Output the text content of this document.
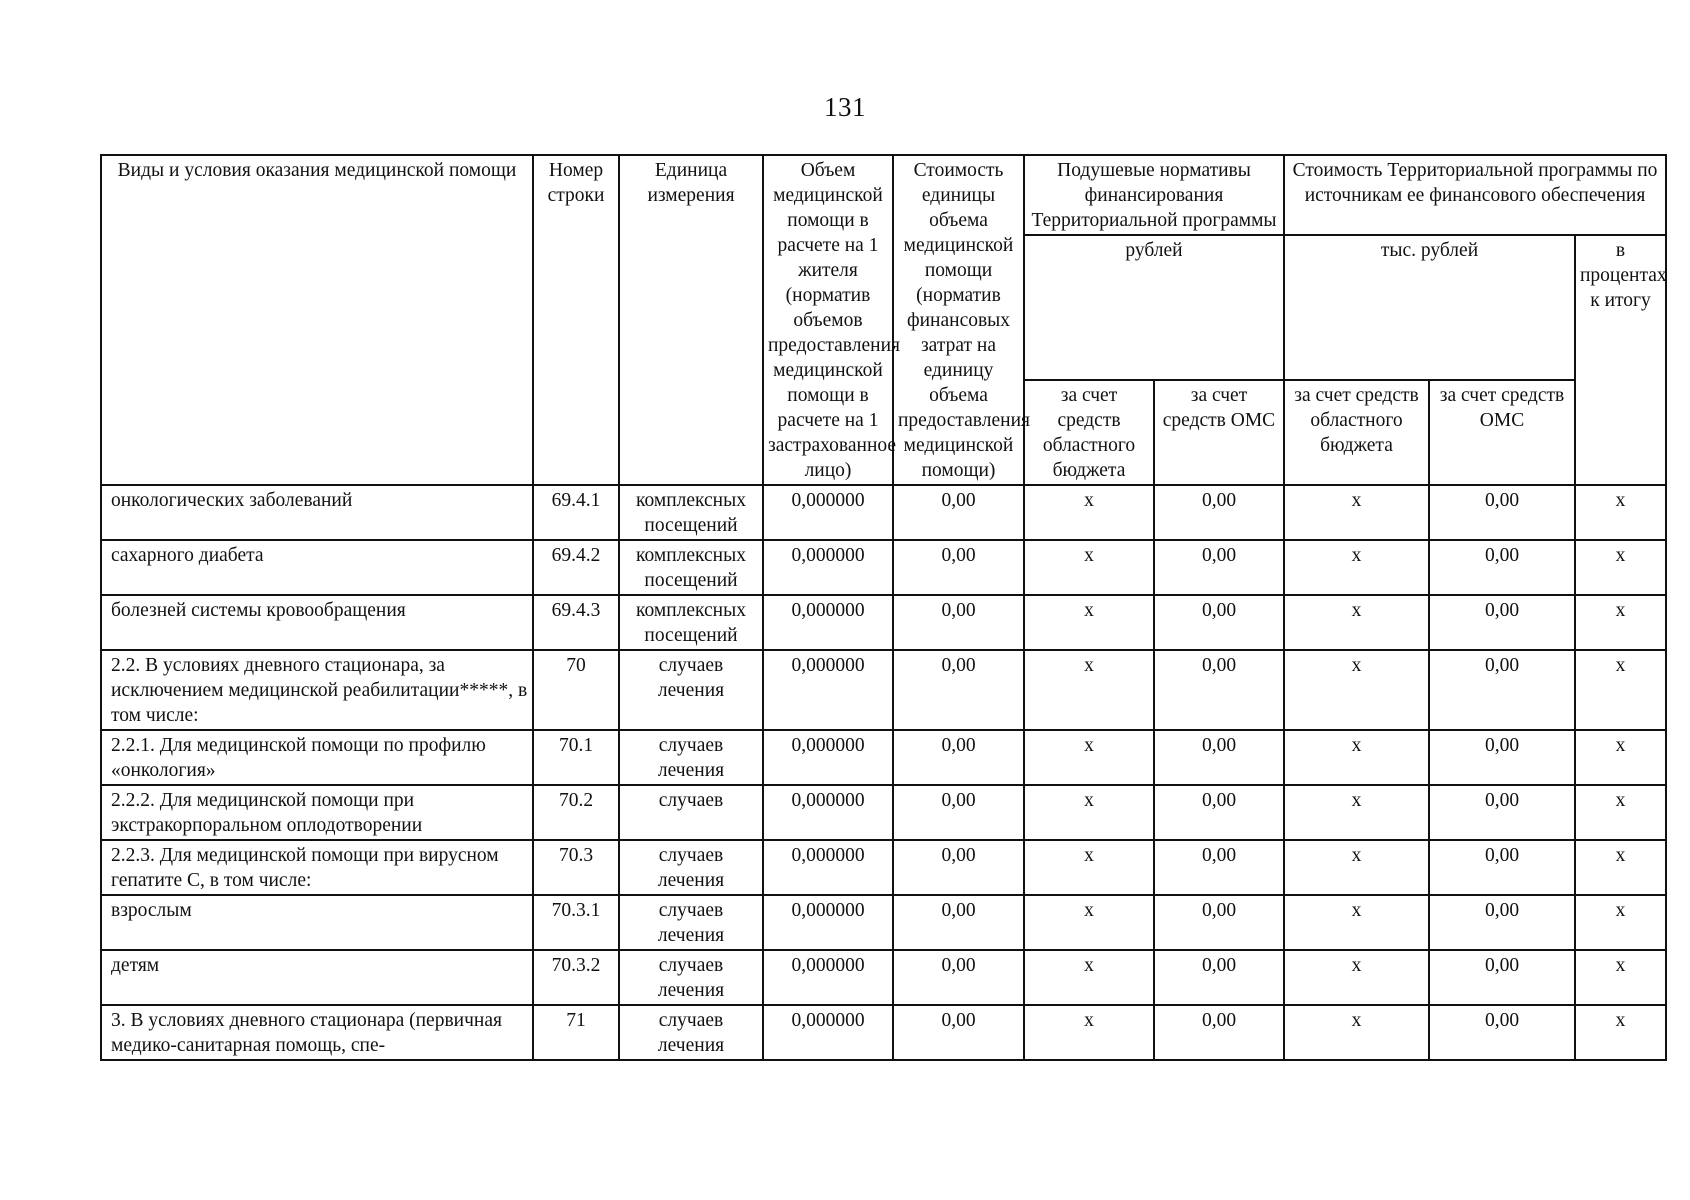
131
Виды и условия оказания медицинской помощи	Номер строки	Единица измерения	Объем медицинской помощи в расчете на 1 жителя (норматив объемов предоставления медицинской помощи в расчете на 1 застрахованное лицо)	Стоимость единицы объема медицинской помощи (норматив финансовых затрат на единицу объема предоставления медицинской помощи)	Подушевые нормативы финансирования Территориальной программы		Стоимость Территориальной программы по источникам ее финансового обеспечения		
					рублей		тыс. рублей		в процентах к итогу
					за счет средств областного бюджета	за счет средств ОМС	за счет средств областного бюджета	за счет средств ОМС	
онкологических заболеваний	69.4.1	комплексных посещений	0,000000	0,00	х	0,00	х	0,00	х
сахарного диабета	69.4.2	комплексных посещений	0,000000	0,00	х	0,00	х	0,00	х
болезней системы кровообращения	69.4.3	комплексных посещений	0,000000	0,00	х	0,00	х	0,00	х
2.2. В условиях дневного стационара, за исключением медицинской реабилитации*****, в том числе:	70	случаев лечения	0,000000	0,00	х	0,00	х	0,00	х
2.2.1. Для медицинской помощи по профилю «онкология»	70.1	случаев лечения	0,000000	0,00	х	0,00	х	0,00	х
2.2.2. Для медицинской помощи при экстракорпоральном оплодотворении	70.2	случаев	0,000000	0,00	х	0,00	х	0,00	х
2.2.3. Для медицинской помощи при вирусном гепатите С, в том числе:	70.3	случаев лечения	0,000000	0,00	х	0,00	х	0,00	х
взрослым	70.3.1	случаев лечения	0,000000	0,00	х	0,00	х	0,00	х
детям	70.3.2	случаев лечения	0,000000	0,00	х	0,00	х	0,00	х
3. В условиях дневного стационара (первичная медико-санитарная помощь, спе-	71	случаев лечения	0,000000	0,00	х	0,00	х	0,00	х
